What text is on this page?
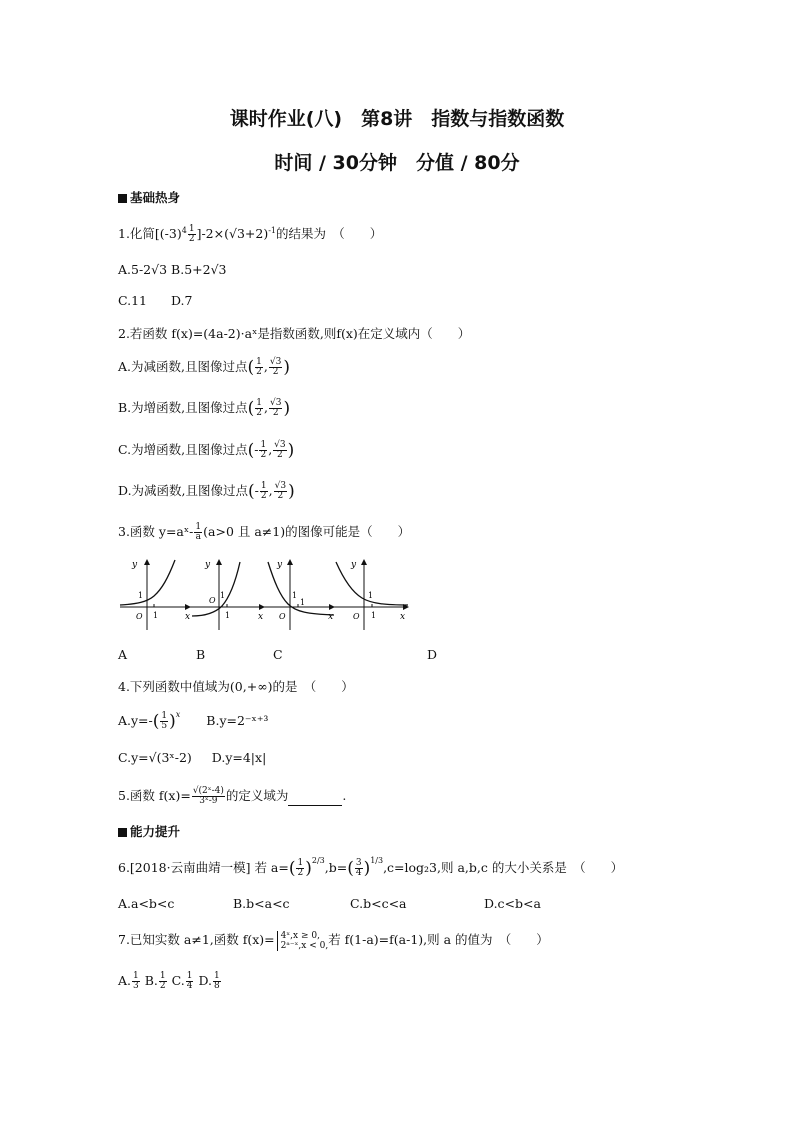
课时作业(八)　第8讲　指数与指数函数
时间 / 30分钟　分值 / 80分
基础热身
1.化简$[(-3)^4 \frac{1}{2} ]-2\times(√3+2)^{-1}$的结果为　（　　）
A.5-2√3 B.5+2√3
C.11 D.7
2.若函数 f(x)=(4a-2)·aˣ是指数函数,则f(x)在定义域内（　　）
A.为减函数,且图像过点( $\frac{1}{2}$ , $\frac{√3}{2}$ )
B.为增函数,且图像过点( $\frac{1}{2}$ , $\frac{√3}{2}$ )
C.为增函数,且图像过点(- $\frac{1}{2}$ , $\frac{√3}{2}$ )
D.为减函数,且图像过点(- $\frac{1}{2}$ , $\frac{√3}{2}$ )
3.函数 y=aˣ- $\frac{1}{a} (a>0$ 且 a≠1)的图像可能是（　　）
y
1
O 1	x
y
1
O
1	x
y
1
O
1
x
y
1
O 1	x
A	B	C	D
4.下列函数中值域为(0,+∞)的是　（　　）
$A.y=-( \frac{1}{5} )^x$ B.y=2⁻ˣ⁺³
C.y=√(3ˣ-2) D.y=4|x|
5.函数 $f(x)= \frac{\text{√(2ˣ-4)}}{\text{3ˣ-9}}$ 的定义域为	.
能力提升
6.[2018·云南曲靖一模] 若 $a=( \frac{1}{2} )^{2/3},b=( \frac{3}{4} )^{1/3},c=\log_23$,则 a,b,c 的大小关系是　（　　）
A.a<b<c	B.b<a<c	C.b<c<a	D.c<b<a
7.已知实数 a≠1,函数 f(x)= 4ˣ,x ≥ 0,
2ᵃ⁻ˣ,x < 0, 若 f(1-a)=f(a-1),则 a 的值为　（　　）
A. $\frac{1}{3} B$. $\frac{1}{2} C$. $\frac{1}{4} D$. $\frac{1}{8}$
